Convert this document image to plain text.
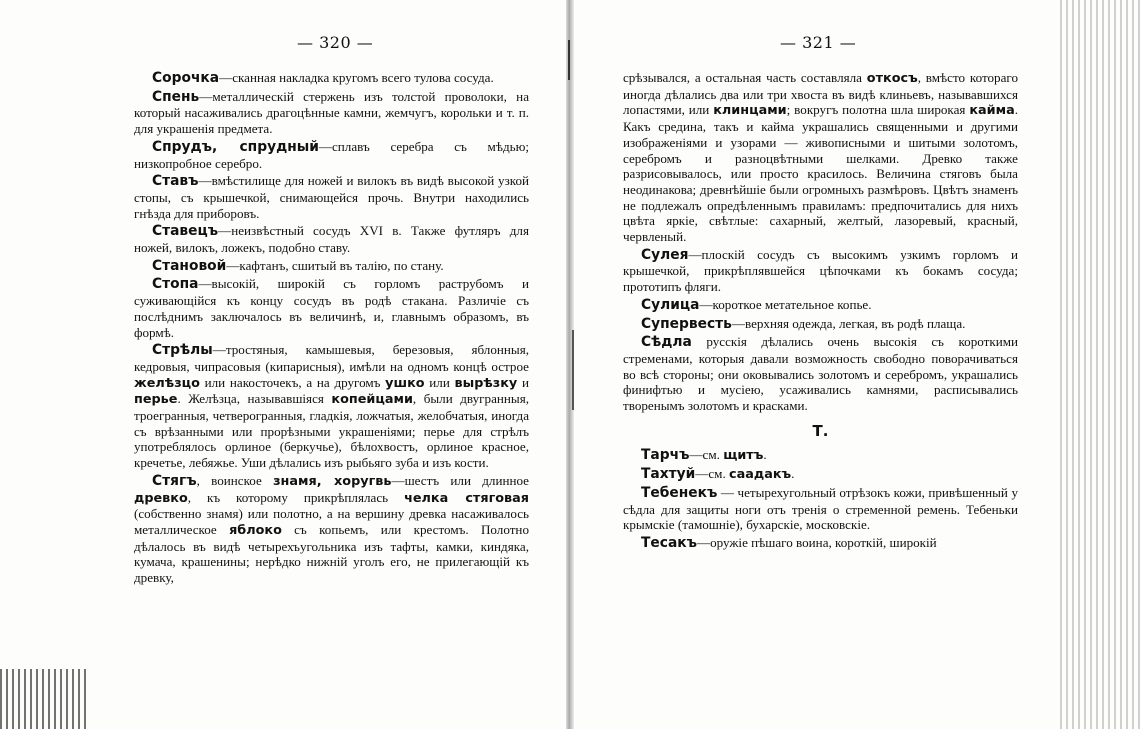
— 320 —	— 321 —

Сорочка—сканная накладка кругомъ всего тулова сосуда.

Спень—металлическiй стержень изъ толстой проволоки, на который насаживались драгоцѣнные камни, жемчугъ, корольки и т. п. для украшенiя предмета.

Спрудъ, спрудный—сплавъ серебра съ мѣдью; низкопробное серебро.

Ставъ—вмѣстилище для ножей и вилокъ въ видѣ высокой узкой стопы, съ крышечкой, снимающейся прочь. Внутри находились гнѣзда для приборовъ.

Ставецъ—неизвѣстный сосудъ XVI в. Также футляръ для ножей, вилокъ, ложекъ, подобно ставу.

Становой—кафтанъ, сшитый въ талiю, по стану.

Стопа—высокiй, широкiй съ горломъ раструбомъ и суживающiйся къ концу сосудъ въ родѣ стакана. Различiе съ послѣднимъ заключалось въ величинѣ, и, главнымъ образомъ, въ формѣ.

Стрѣлы—тростяныя, камышевыя, березовыя, яблонныя, кедровыя, чипрасовыя (кипарисныя), имѣли на одномъ концѣ острое желѣзцо или накосточекъ, а на другомъ ушко или вырѣзку и перье. Желѣзца, называвшiяся копейцами, были двугранныя, троегранныя, четверогранныя, гладкiя, ложчатыя, желобчатыя, иногда съ врѣзанными или прорѣзными украшенiями; перье для стрѣлъ употреблялось орлиное (беркучье), бѣлохвостъ, орлиное красное, кречетье, лебяжье. Уши дѣлались изъ рыбьяго зуба и изъ кости.

Стягъ, воинское знамя, хоругвь—шестъ или длинное древко, къ которому прикрѣплялась челка стяговая (собственно знамя) или полотно, а на вершину древка насаживалось металлическое яблоко съ копьемъ, или крестомъ. Полотно дѣлалось въ видѣ четырехъугольника изъ тафты, камки, киндяка, кумача, крашенины; нерѣдко нижнiй уголъ его, не прилегающiй къ древку,

срѣзывался, а остальная часть составляла откосъ, вмѣсто котораго иногда дѣлались два или три хвоста въ видѣ клиньевъ, называвшихся лопастями, или клинцами; вокругъ полотна шла широкая кайма. Какъ средина, такъ и кайма украшались священными и другими изображенiями и узорами — живописными и шитыми золотомъ, серебромъ и разноцвѣтными шелками. Древко также разрисовывалось, или просто красилось. Величина стяговъ была неодинакова; древнѣйшiе были огромныхъ размѣровъ. Цвѣтъ знаменъ не подлежалъ опредѣленнымъ правиламъ: предпочитались для нихъ цвѣта яркiе, свѣтлые: сахарный, желтый, лазоревый, красный, червленый.

Сулея—плоскiй сосудъ съ высокимъ узкимъ горломъ и крышечкой, прикрѣплявшейся цѣпочками къ бокамъ сосуда; прототипъ фляги.

Сулица—короткое метательное копье.

Супервесть—верхняя одежда, легкая, въ родѣ плаща.

Сѣдла русскiя дѣлались очень высокiя съ короткими стременами, которыя давали возможность свободно поворачиваться во всѣ стороны; они оковывались золотомъ и серебромъ, украшались финифтью и мусiею, усаживались камнями, расписывались творенымъ золотомъ и красками.

Т.

Тарчъ—см. щитъ.

Тахтуй—см. саадакъ.

Тебенекъ — четырехугольный отрѣзокъ кожи, привѣшенный у сѣдла для защиты ноги отъ тренiя о стременной ремень. Тебеньки крымскiе (тамошнiе), бухарскiе, московскiе.

Тесакъ—оружiе пѣшаго воина, короткiй, широкiй
